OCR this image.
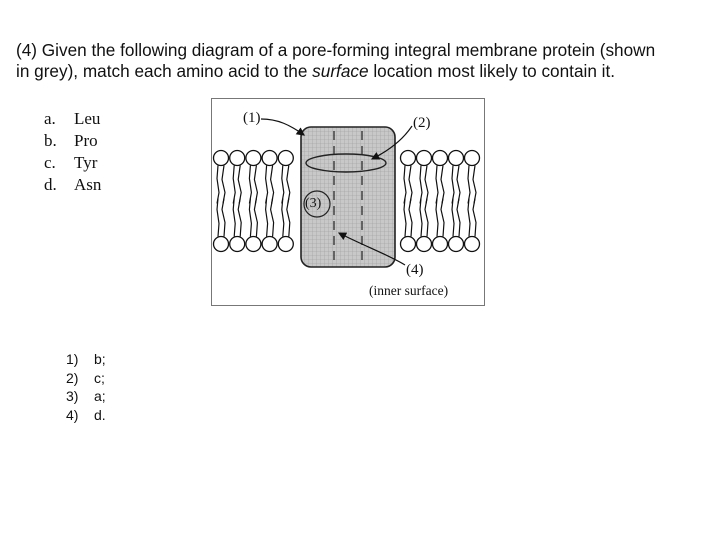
(4) Given the following diagram of a pore-forming integral membrane protein (shown

in grey), match each amino acid to the surface location most likely to contain it.

a.	Leu
b.	Pro
c.	Tyr
d.	Asn
(1)	(2)
(3)
(4)
(inner surface)
1)	b;
2)	c;
3)	a;
4)	d.
